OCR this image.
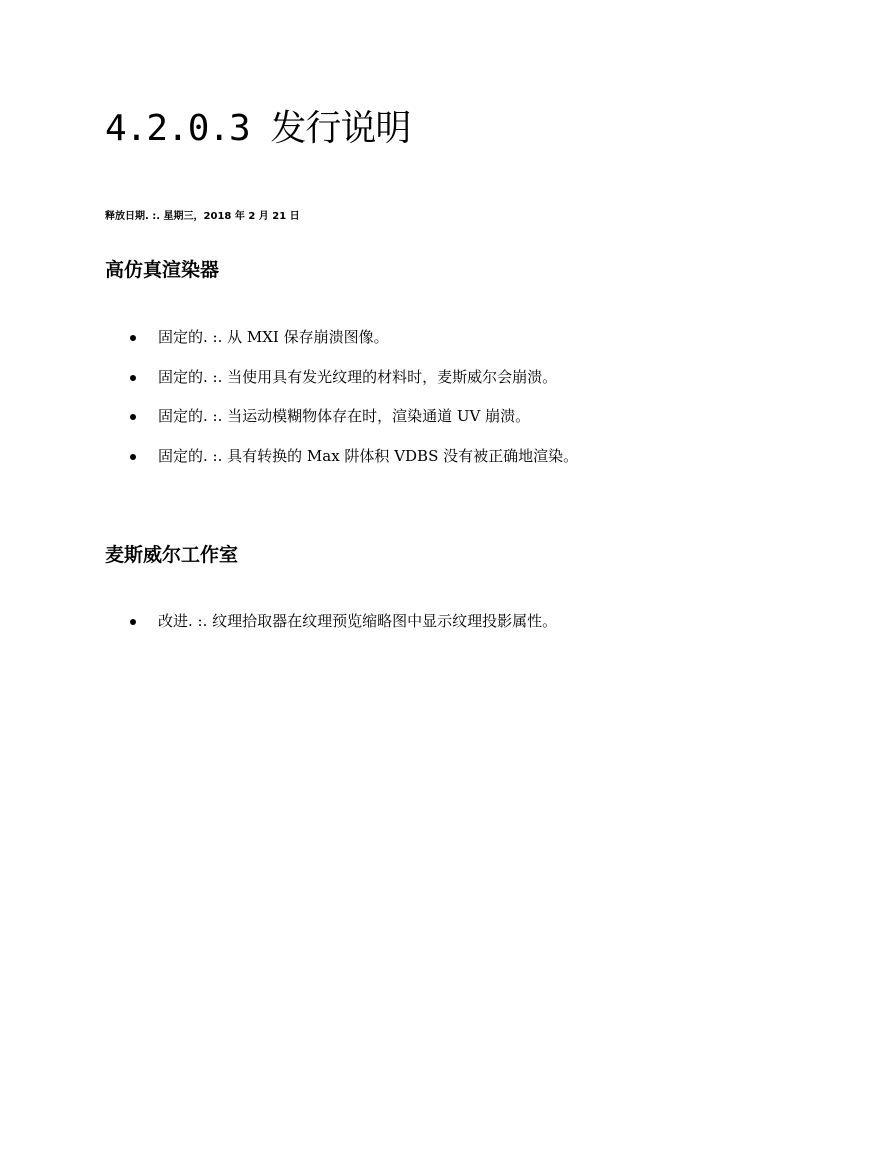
4.2.0.3 发行说明

释放日期. :. 星期三，2018 年 2 月 21 日

高仿真渲染器
固定的. :. 从 MXI 保存崩溃图像。
固定的. :. 当使用具有发光纹理的材料时，麦斯威尔会崩溃。
固定的. :. 当运动模糊物体存在时，渲染通道 UV 崩溃。
固定的. :. 具有转换的 Max 阱体积 VDBS 没有被正确地渲染。
麦斯威尔工作室
改进. :. 纹理拾取器在纹理预览缩略图中显示纹理投影属性。
